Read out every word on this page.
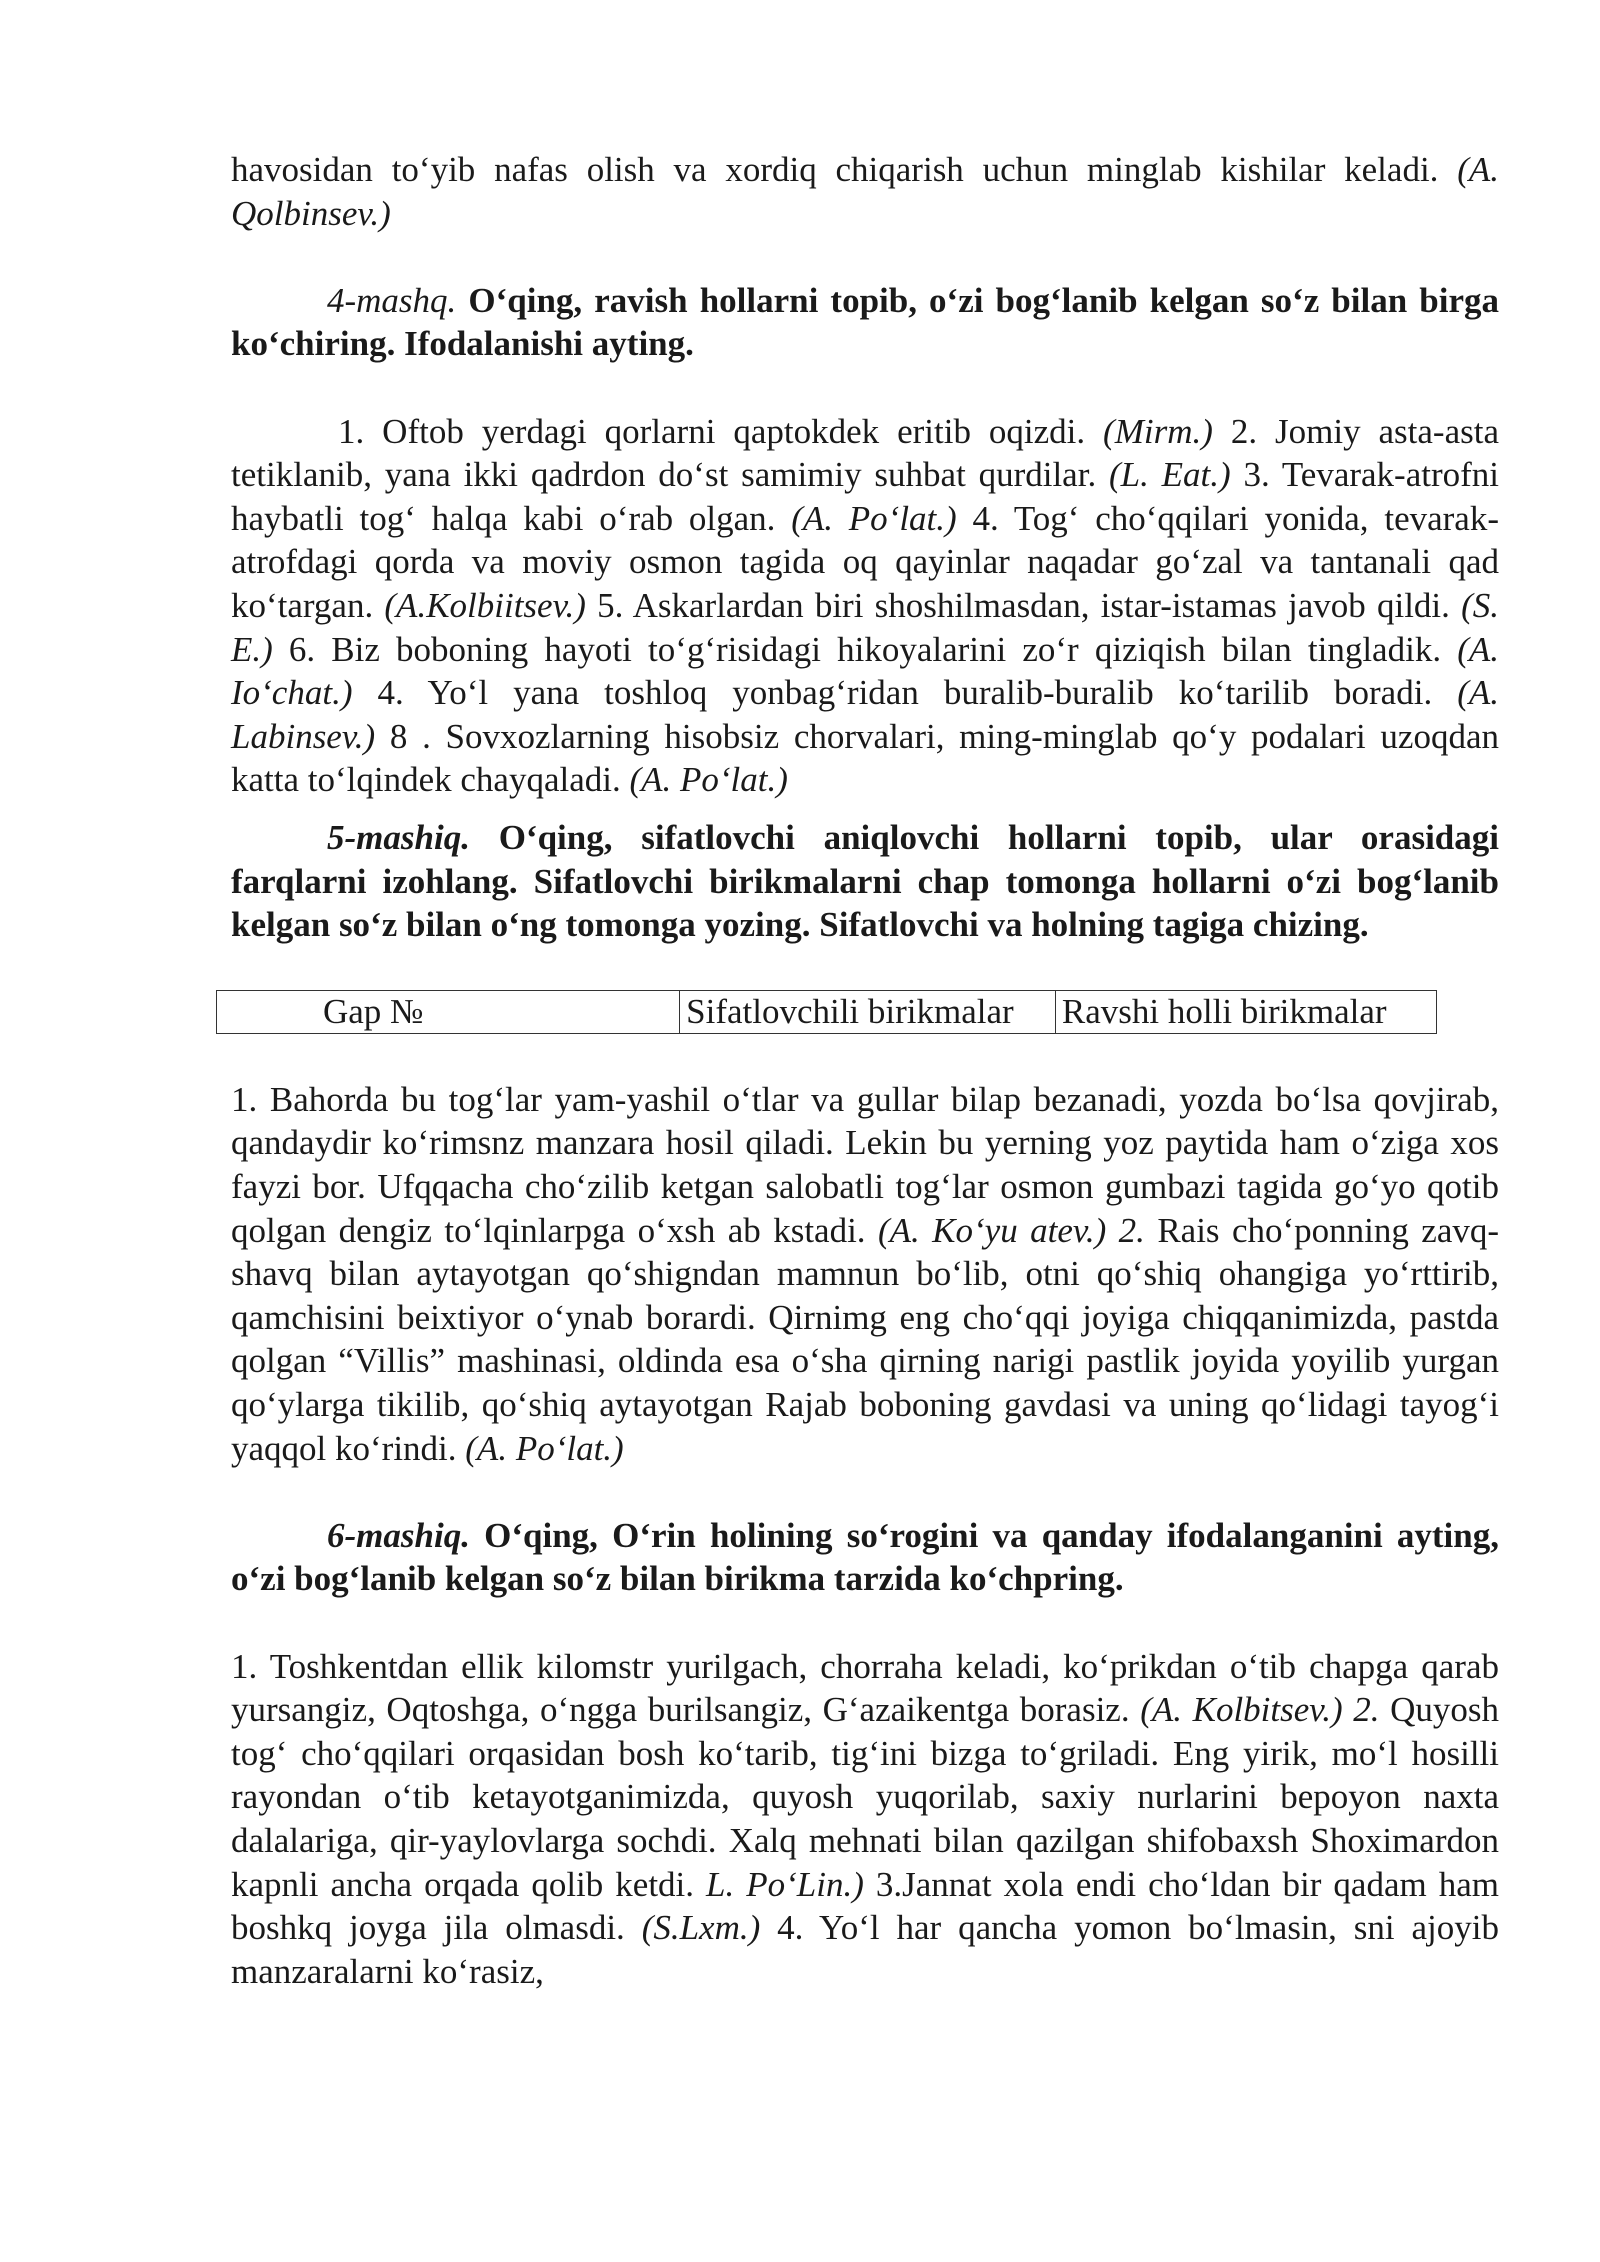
havosidan to‘yib nafas olish va xordiq chiqarish uchun minglab kishilar keladi. (A. Qolbinsev.)

4-mashq. O‘qing, ravish hollarni topib, o‘zi bog‘lanib kelgan so‘z bilan birga ko‘chiring. Ifodalanishi ayting.

1. Oftob yerdagi qorlarni qaptokdek eritib oqizdi. (Mirm.) 2. Jomiy asta-asta tetiklanib, yana ikki qadrdon do‘st samimiy suhbat qurdilar. (L. Eat.) 3. Tevarak-atrofni haybatli tog‘ halqa kabi o‘rab olgan. (A. Po‘lat.) 4. Tog‘ cho‘qqilari yonida, tevarak-atrofdagi qorda va moviy osmon tagida oq qayinlar naqadar go‘zal va tantanali qad ko‘targan. (A.Kolbiitsev.) 5. Askarlardan biri shoshilmasdan, istar-istamas javob qildi. (S. E.) 6. Biz boboning hayoti to‘g‘risidagi hikoyalarini zo‘r qiziqish bilan tingladik. (A. Io‘chat.) 4. Yo‘l yana toshloq yonbag‘ridan buralib-buralib ko‘tarilib boradi. (A. Labinsev.) 8 . Sovxozlarning hisobsiz chorvalari, ming-minglab qo‘y podalari uzoqdan katta to‘lqindek chayqaladi. (A. Po‘lat.)

5-mashiq. O‘qing, sifatlovchi aniqlovchi hollarni topib, ular orasidagi farqlarni izohlang. Sifatlovchi birikmalarni chap tomonga hollarni o‘zi bog‘lanib kelgan so‘z bilan o‘ng tomonga yozing. Sifatlovchi va holning tagiga chizing.

Gap №	Sifatlovchili birikmalar	Ravshi holli birikmalar

1. Bahorda bu tog‘lar yam-yashil o‘tlar va gullar bilap bezanadi, yozda bo‘lsa qovjirab, qandaydir ko‘rimsnz manzara hosil qiladi. Lekin bu yerning yoz paytida ham o‘ziga xos fayzi bor. Ufqqacha cho‘zilib ketgan salobatli tog‘lar osmon gumbazi tagida go‘yo qotib qolgan dengiz to‘lqinlarpga o‘xsh ab kstadi. (A. Ko‘yu atev.) 2. Rais cho‘ponning zavq-shavq bilan aytayotgan qo‘shigndan mamnun bo‘lib, otni qo‘shiq ohangiga yo‘rttirib, qamchisini beixtiyor o‘ynab borardi. Qirnimg eng cho‘qqi joyiga chiqqanimizda, pastda qolgan “Villis” mashinasi, oldinda esa o‘sha qirning narigi pastlik joyida yoyilib yurgan qo‘ylarga tikilib, qo‘shiq aytayotgan Rajab boboning gavdasi va uning qo‘lidagi tayog‘i yaqqol ko‘rindi. (A. Po‘lat.)

6-mashiq. O‘qing, O‘rin holining so‘rogini va qanday ifodalanganini ayting, o‘zi bog‘lanib kelgan so‘z bilan birikma tarzida ko‘chpring.

1. Toshkentdan ellik kilomstr yurilgach, chorraha keladi, ko‘prikdan o‘tib chapga qarab yursangiz, Oqtoshga, o‘ngga burilsangiz, G‘azaikentga borasiz. (A. Kolbitsev.) 2. Quyosh tog‘ cho‘qqilari orqasidan bosh ko‘tarib, tig‘ini bizga to‘griladi. Eng yirik, mo‘l hosilli rayondan o‘tib ketayotganimizda, quyosh yuqorilab, saxiy nurlarini bepoyon naxta dalalariga, qir-yaylovlarga sochdi. Xalq mehnati bilan qazilgan shifobaxsh Shoximardon kapnli ancha orqada qolib ketdi. L. Po‘Lin.) 3.Jannat xola endi cho‘ldan bir qadam ham boshkq joyga jila olmasdi. (S.Lxm.) 4. Yo‘l har qancha yomon bo‘lmasin, sni ajoyib manzaralarni ko‘rasiz,
